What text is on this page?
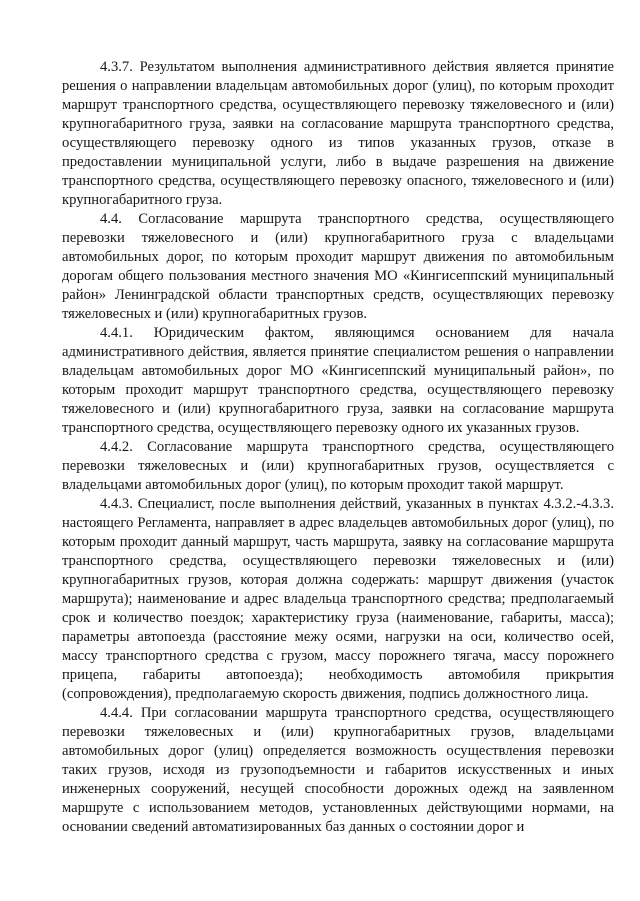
4.3.7. Результатом выполнения административного действия является принятие решения о направлении владельцам автомобильных дорог (улиц), по которым проходит маршрут транспортного средства, осуществляющего перевозку тяжеловесного и (или) крупногабаритного груза, заявки на согласование маршрута транспортного средства, осуществляющего перевозку одного из типов указанных грузов, отказе в предоставлении муниципальной услуги, либо в выдаче разрешения на движение транспортного средства, осуществляющего перевозку опасного, тяжеловесного и (или) крупногабаритного груза.

4.4. Согласование маршрута транспортного средства, осуществляющего перевозки тяжеловесного и (или) крупногабаритного груза с владельцами автомобильных дорог, по которым проходит маршрут движения по автомобильным дорогам общего пользования местного значения МО «Кингисеппский муниципальный район» Ленинградской области транспортных средств, осуществляющих перевозку тяжеловесных и (или) крупногабаритных грузов.

4.4.1. Юридическим фактом, являющимся основанием для начала административного действия, является принятие специалистом решения о направлении владельцам автомобильных дорог МО «Кингисеппский муниципальный район», по которым проходит маршрут транспортного средства, осуществляющего перевозку тяжеловесного и (или) крупногабаритного груза, заявки на согласование маршрута транспортного средства, осуществляющего перевозку одного их указанных грузов.

4.4.2. Согласование маршрута транспортного средства, осуществляющего перевозки тяжеловесных и (или) крупногабаритных грузов, осуществляется с владельцами автомобильных дорог (улиц), по которым проходит такой маршрут.

4.4.3. Специалист, после выполнения действий, указанных в пунктах 4.3.2.-4.3.3. настоящего Регламента, направляет в адрес владельцев автомобильных дорог (улиц), по которым проходит данный маршрут, часть маршрута, заявку на согласование маршрута транспортного средства, осуществляющего перевозки тяжеловесных и (или) крупногабаритных грузов, которая должна содержать: маршрут движения (участок маршрута); наименование и адрес владельца транспортного средства; предполагаемый срок и количество поездок; характеристику груза (наименование, габариты, масса); параметры автопоезда (расстояние межу осями, нагрузки на оси, количество осей, массу транспортного средства с грузом, массу порожнего тягача, массу порожнего прицепа, габариты автопоезда); необходимость автомобиля прикрытия (сопровождения), предполагаемую скорость движения, подпись должностного лица.

4.4.4. При согласовании маршрута транспортного средства, осуществляющего перевозки тяжеловесных и (или) крупногабаритных грузов, владельцами автомобильных дорог (улиц) определяется возможность осуществления перевозки таких грузов, исходя из грузоподъемности и габаритов искусственных и иных инженерных сооружений, несущей способности дорожных одежд на заявленном маршруте с использованием методов, установленных действующими нормами, на основании сведений автоматизированных баз данных о состоянии дорог и
